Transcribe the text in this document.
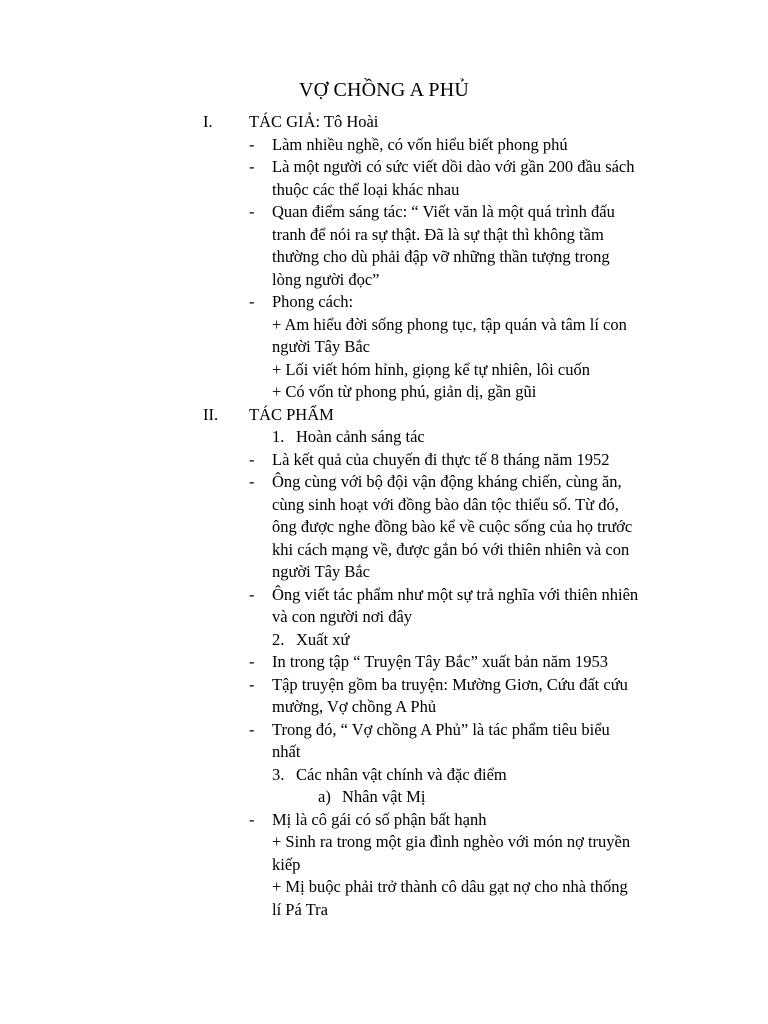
VỢ CHỒNG A PHỦ
I. TÁC GIẢ: Tô Hoài
- Làm nhiều nghề, có vốn hiểu biết phong phú
- Là một người có sức viết dồi dào với gần 200 đầu sách
thuộc các thể loại khác nhau
- Quan điểm sáng tác: “ Viết văn là một quá trình đấu
tranh để nói ra sự thật. Đã là sự thật thì không tầm
thường cho dù phải đập vỡ những thần tượng trong
lòng người đọc”
- Phong cách:
+ Am hiểu đời sống phong tục, tập quán và tâm lí con
người Tây Bắc
+ Lối viết hóm hỉnh, giọng kể tự nhiên, lôi cuốn
+ Có vốn từ phong phú, giản dị, gần gũi
II. TÁC PHẨM
1. Hoàn cảnh sáng tác
- Là kết quả của chuyến đi thực tế 8 tháng năm 1952
- Ông cùng với bộ đội vận động kháng chiến, cùng ăn,
cùng sinh hoạt với đồng bào dân tộc thiểu số. Từ đó,
ông được nghe đồng bào kể về cuộc sống của họ trước
khi cách mạng về, được gắn bó với thiên nhiên và con
người Tây Bắc
- Ông viết tác phẩm như một sự trả nghĩa với thiên nhiên
và con người nơi đây
2. Xuất xứ
- In trong tập “ Truyện Tây Bắc” xuất bản năm 1953
- Tập truyện gồm ba truyện: Mường Giơn, Cứu đất cứu
mường, Vợ chồng A Phủ
- Trong đó, “ Vợ chồng A Phủ” là tác phẩm tiêu biểu
nhất
3. Các nhân vật chính và đặc điểm
a) Nhân vật Mị
- Mị là cô gái có số phận bất hạnh
+ Sinh ra trong một gia đình nghèo với món nợ truyền
kiếp
+ Mị buộc phải trở thành cô dâu gạt nợ cho nhà thống
lí Pá Tra
